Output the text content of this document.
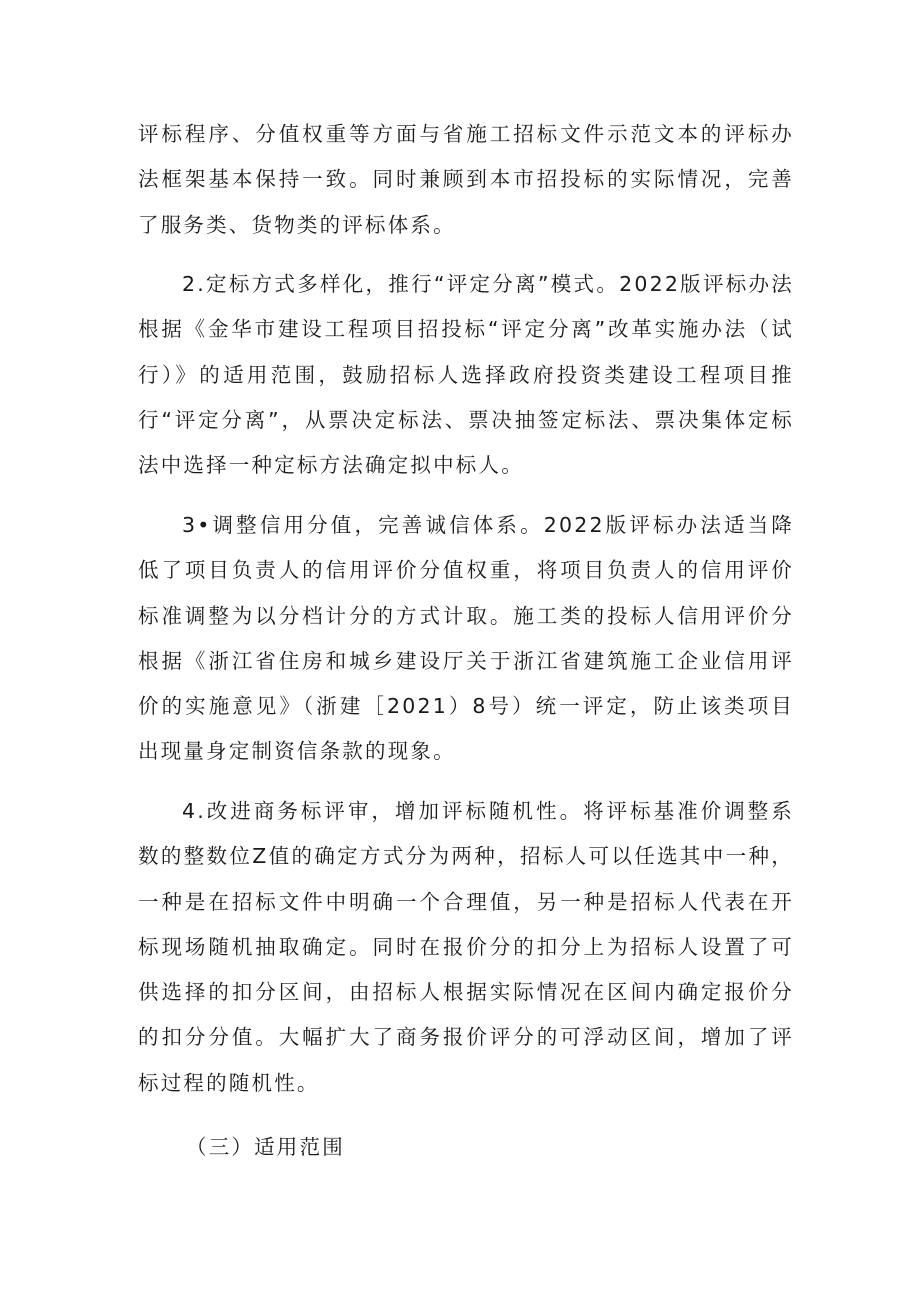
评标程序、分值权重等方面与省施工招标文件示范文本的评标办法框架基本保持一致。同时兼顾到本市招投标的实际情况，完善了服务类、货物类的评标体系。

2.定标方式多样化，推行“评定分离”模式。2022版评标办法根据《金华市建设工程项目招投标“评定分离”改革实施办法（试行）》的适用范围，鼓励招标人选择政府投资类建设工程项目推行“评定分离”，从票决定标法、票决抽签定标法、票决集体定标法中选择一种定标方法确定拟中标人。

3•调整信用分值，完善诚信体系。2022版评标办法适当降低了项目负责人的信用评价分值权重，将项目负责人的信用评价标准调整为以分档计分的方式计取。施工类的投标人信用评价分根据《浙江省住房和城乡建设厅关于浙江省建筑施工企业信用评价的实施意见》（浙建［2021）8号）统一评定，防止该类项目出现量身定制资信条款的现象。

4.改进商务标评审，增加评标随机性。将评标基准价调整系数的整数位Z值的确定方式分为两种，招标人可以任选其中一种，一种是在招标文件中明确一个合理值，另一种是招标人代表在开标现场随机抽取确定。同时在报价分的扣分上为招标人设置了可供选择的扣分区间，由招标人根据实际情况在区间内确定报价分的扣分分值。大幅扩大了商务报价评分的可浮动区间，增加了评标过程的随机性。

（三）适用范围
